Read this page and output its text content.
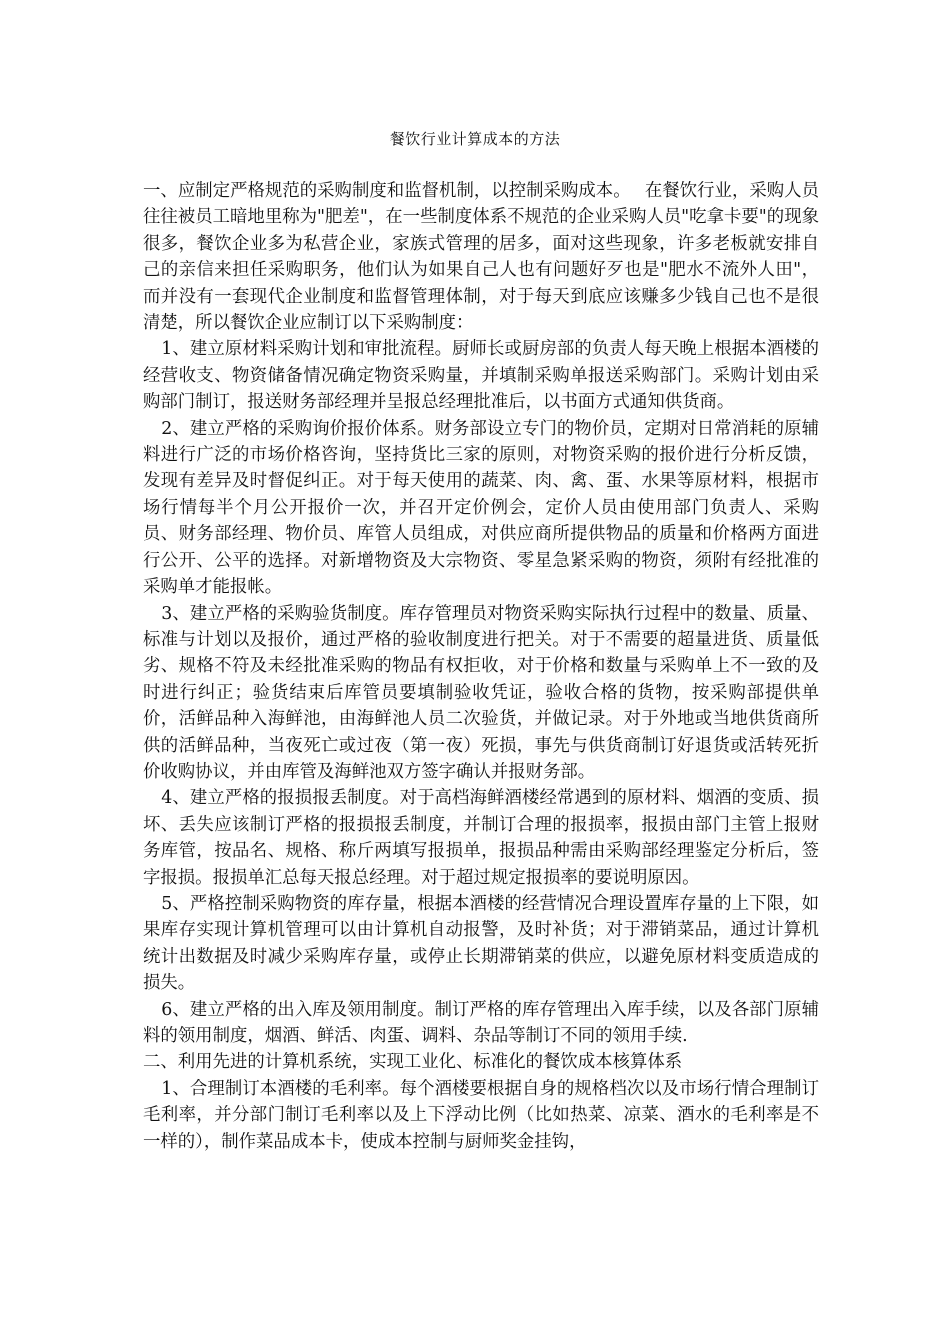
餐饮行业计算成本的方法

一、应制定严格规范的采购制度和监督机制，以控制采购成本。　 在餐饮行业，采购人员往往被员工暗地里称为"肥差"，在一些制度体系不规范的企业采购人员"吃拿卡要"的现象很多，餐饮企业多为私营企业，家族式管理的居多，面对这些现象，许多老板就安排自己的亲信来担任采购职务，他们认为如果自己人也有问题好歹也是"肥水不流外人田"，而并没有一套现代企业制度和监督管理体制，对于每天到底应该赚多少钱自己也不是很清楚，所以餐饮企业应制订以下采购制度：

1、建立原材料采购计划和审批流程。厨师长或厨房部的负责人每天晚上根据本酒楼的经营收支、物资储备情况确定物资采购量，并填制采购单报送采购部门。采购计划由采购部门制订，报送财务部经理并呈报总经理批准后，以书面方式通知供货商。

2、建立严格的采购询价报价体系。财务部设立专门的物价员，定期对日常消耗的原辅料进行广泛的市场价格咨询，坚持货比三家的原则，对物资采购的报价进行分析反馈，发现有差异及时督促纠正。对于每天使用的蔬菜、肉、禽、蛋、水果等原材料，根据市场行情每半个月公开报价一次，并召开定价例会，定价人员由使用部门负责人、采购员、财务部经理、物价员、库管人员组成，对供应商所提供物品的质量和价格两方面进行公开、公平的选择。对新增物资及大宗物资、零星急紧采购的物资，须附有经批准的采购单才能报帐。

3、建立严格的采购验货制度。库存管理员对物资采购实际执行过程中的数量、质量、标准与计划以及报价，通过严格的验收制度进行把关。对于不需要的超量进货、质量低劣、规格不符及未经批准采购的物品有权拒收，对于价格和数量与采购单上不一致的及时进行纠正；验货结束后库管员要填制验收凭证，验收合格的货物，按采购部提供单价，活鲜品种入海鲜池，由海鲜池人员二次验货，并做记录。对于外地或当地供货商所供的活鲜品种，当夜死亡或过夜（第一夜）死损，事先与供货商制订好退货或活转死折价收购协议，并由库管及海鲜池双方签字确认并报财务部。

4、建立严格的报损报丢制度。对于高档海鲜酒楼经常遇到的原材料、烟酒的变质、损坏、丢失应该制订严格的报损报丢制度，并制订合理的报损率，报损由部门主管上报财务库管，按品名、规格、称斤两填写报损单，报损品种需由采购部经理鉴定分析后，签字报损。报损单汇总每天报总经理。对于超过规定报损率的要说明原因。

5、严格控制采购物资的库存量，根据本酒楼的经营情况合理设置库存量的上下限，如果库存实现计算机管理可以由计算机自动报警，及时补货；对于滞销菜品，通过计算机统计出数据及时减少采购库存量，或停止长期滞销菜的供应，以避免原材料变质造成的损失。

6、建立严格的出入库及领用制度。制订严格的库存管理出入库手续，以及各部门原辅料的领用制度，烟酒、鲜活、肉蛋、调料、杂品等制订不同的领用手续.

二、利用先进的计算机系统，实现工业化、标准化的餐饮成本核算体系

1、合理制订本酒楼的毛利率。每个酒楼要根据自身的规格档次以及市场行情合理制订毛利率，并分部门制订毛利率以及上下浮动比例（比如热菜、凉菜、酒水的毛利率是不一样的），制作菜品成本卡，使成本控制与厨师奖金挂钩，
